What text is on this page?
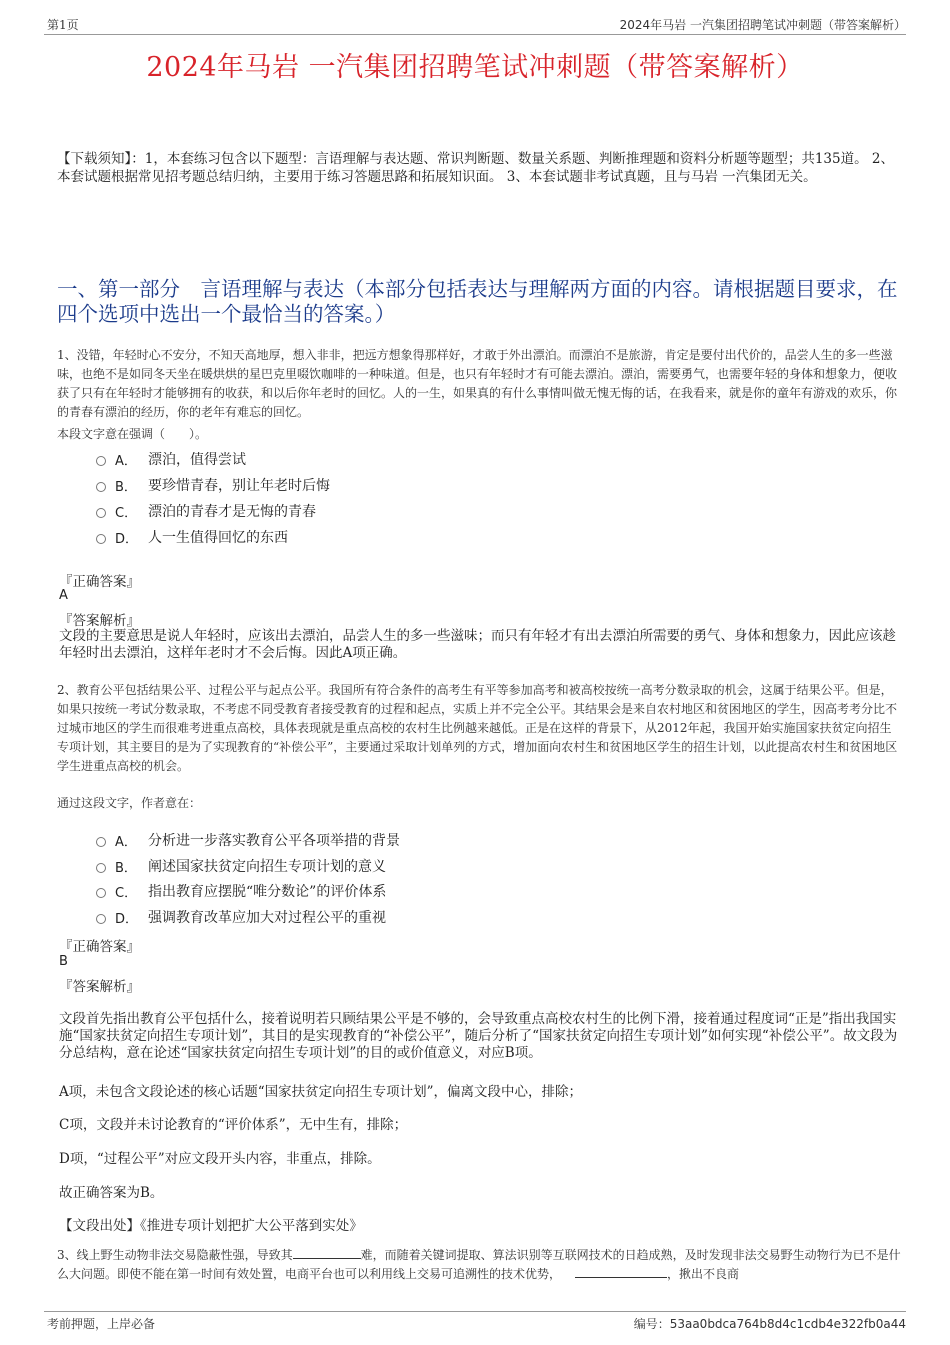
第1页	2024年马岩 一汽集团招聘笔试冲刺题（带答案解析）
2024年马岩 一汽集团招聘笔试冲刺题（带答案解析）
【下载须知】：1，本套练习包含以下题型：言语理解与表达题、常识判断题、数量关系题、判断推理题和资料分析题等题型；共135道。 2、本套试题根据常见招考题总结归纳，主要用于练习答题思路和拓展知识面。 3、本套试题非考试真题，且与马岩 一汽集团无关。
一、第一部分　言语理解与表达（本部分包括表达与理解两方面的内容。请根据题目要求，在四个选项中选出一个最恰当的答案。）
1、没错，年轻时心不安分，不知天高地厚，想入非非，把远方想象得那样好，才敢于外出漂泊。而漂泊不是旅游，肯定是要付出代价的，品尝人生的多一些滋味，也绝不是如同冬天坐在暖烘烘的星巴克里啜饮咖啡的一种味道。但是，也只有年轻时才有可能去漂泊。漂泊，需要勇气，也需要年轻的身体和想象力，便收获了只有在年轻时才能够拥有的收获，和以后你年老时的回忆。人的一生，如果真的有什么事情叫做无愧无悔的话，在我看来，就是你的童年有游戏的欢乐，你的青春有漂泊的经历，你的老年有难忘的回忆。
本段文字意在强调（　　）。
A． 漂泊，值得尝试
B． 要珍惜青春，别让年老时后悔
C． 漂泊的青春才是无悔的青春
D． 人一生值得回忆的东西
『正确答案』
A
『答案解析』
文段的主要意思是说人年轻时，应该出去漂泊，品尝人生的多一些滋味；而只有年轻才有出去漂泊所需要的勇气、身体和想象力，因此应该趁年轻时出去漂泊，这样年老时才不会后悔。因此A项正确。
2、教育公平包括结果公平、过程公平与起点公平。我国所有符合条件的高考生有平等参加高考和被高校按统一高考分数录取的机会，这属于结果公平。但是，如果只按统一考试分数录取，不考虑不同受教育者接受教育的过程和起点，实质上并不完全公平。其结果会是来自农村地区和贫困地区的学生，因高考考分比不过城市地区的学生而很难考进重点高校，具体表现就是重点高校的农村生比例越来越低。正是在这样的背景下，从2012年起，我国开始实施国家扶贫定向招生专项计划，其主要目的是为了实现教育的“补偿公平”，主要通过采取计划单列的方式，增加面向农村生和贫困地区学生的招生计划，以此提高农村生和贫困地区学生进重点高校的机会。
通过这段文字，作者意在：
A． 分析进一步落实教育公平各项举措的背景
B． 阐述国家扶贫定向招生专项计划的意义
C． 指出教育应摆脱“唯分数论”的评价体系
D． 强调教育改革应加大对过程公平的重视
『正确答案』
B
『答案解析』
文段首先指出教育公平包括什么，接着说明若只顾结果公平是不够的，会导致重点高校农村生的比例下滑，接着通过程度词“正是”指出我国实施“国家扶贫定向招生专项计划”，其目的是实现教育的“补偿公平”，随后分析了“国家扶贫定向招生专项计划”如何实现“补偿公平”。故文段为分总结构，意在论述“国家扶贫定向招生专项计划”的目的或价值意义，对应B项。
A项，未包含文段论述的核心话题“国家扶贫定向招生专项计划”，偏离文段中心，排除；
C项，文段并未讨论教育的“评价体系”，无中生有，排除；
D项，“过程公平”对应文段开头内容，非重点，排除。
故正确答案为B。
【文段出处】《推进专项计划把扩大公平落到实处》
3、线上野生动物非法交易隐蔽性强，导致其	难，而随着关键词提取、算法识别等互联网技术的日趋成熟，及时发现非法交易野生动物行为已不是什么大问题。即使不能在第一时间有效处置，电商平台也可以利用线上交易可追溯性的技术优势，	，揪出不良商
考前押题，上岸必备	编号：53aa0bdca764b8d4c1cdb4e322fb0a44
